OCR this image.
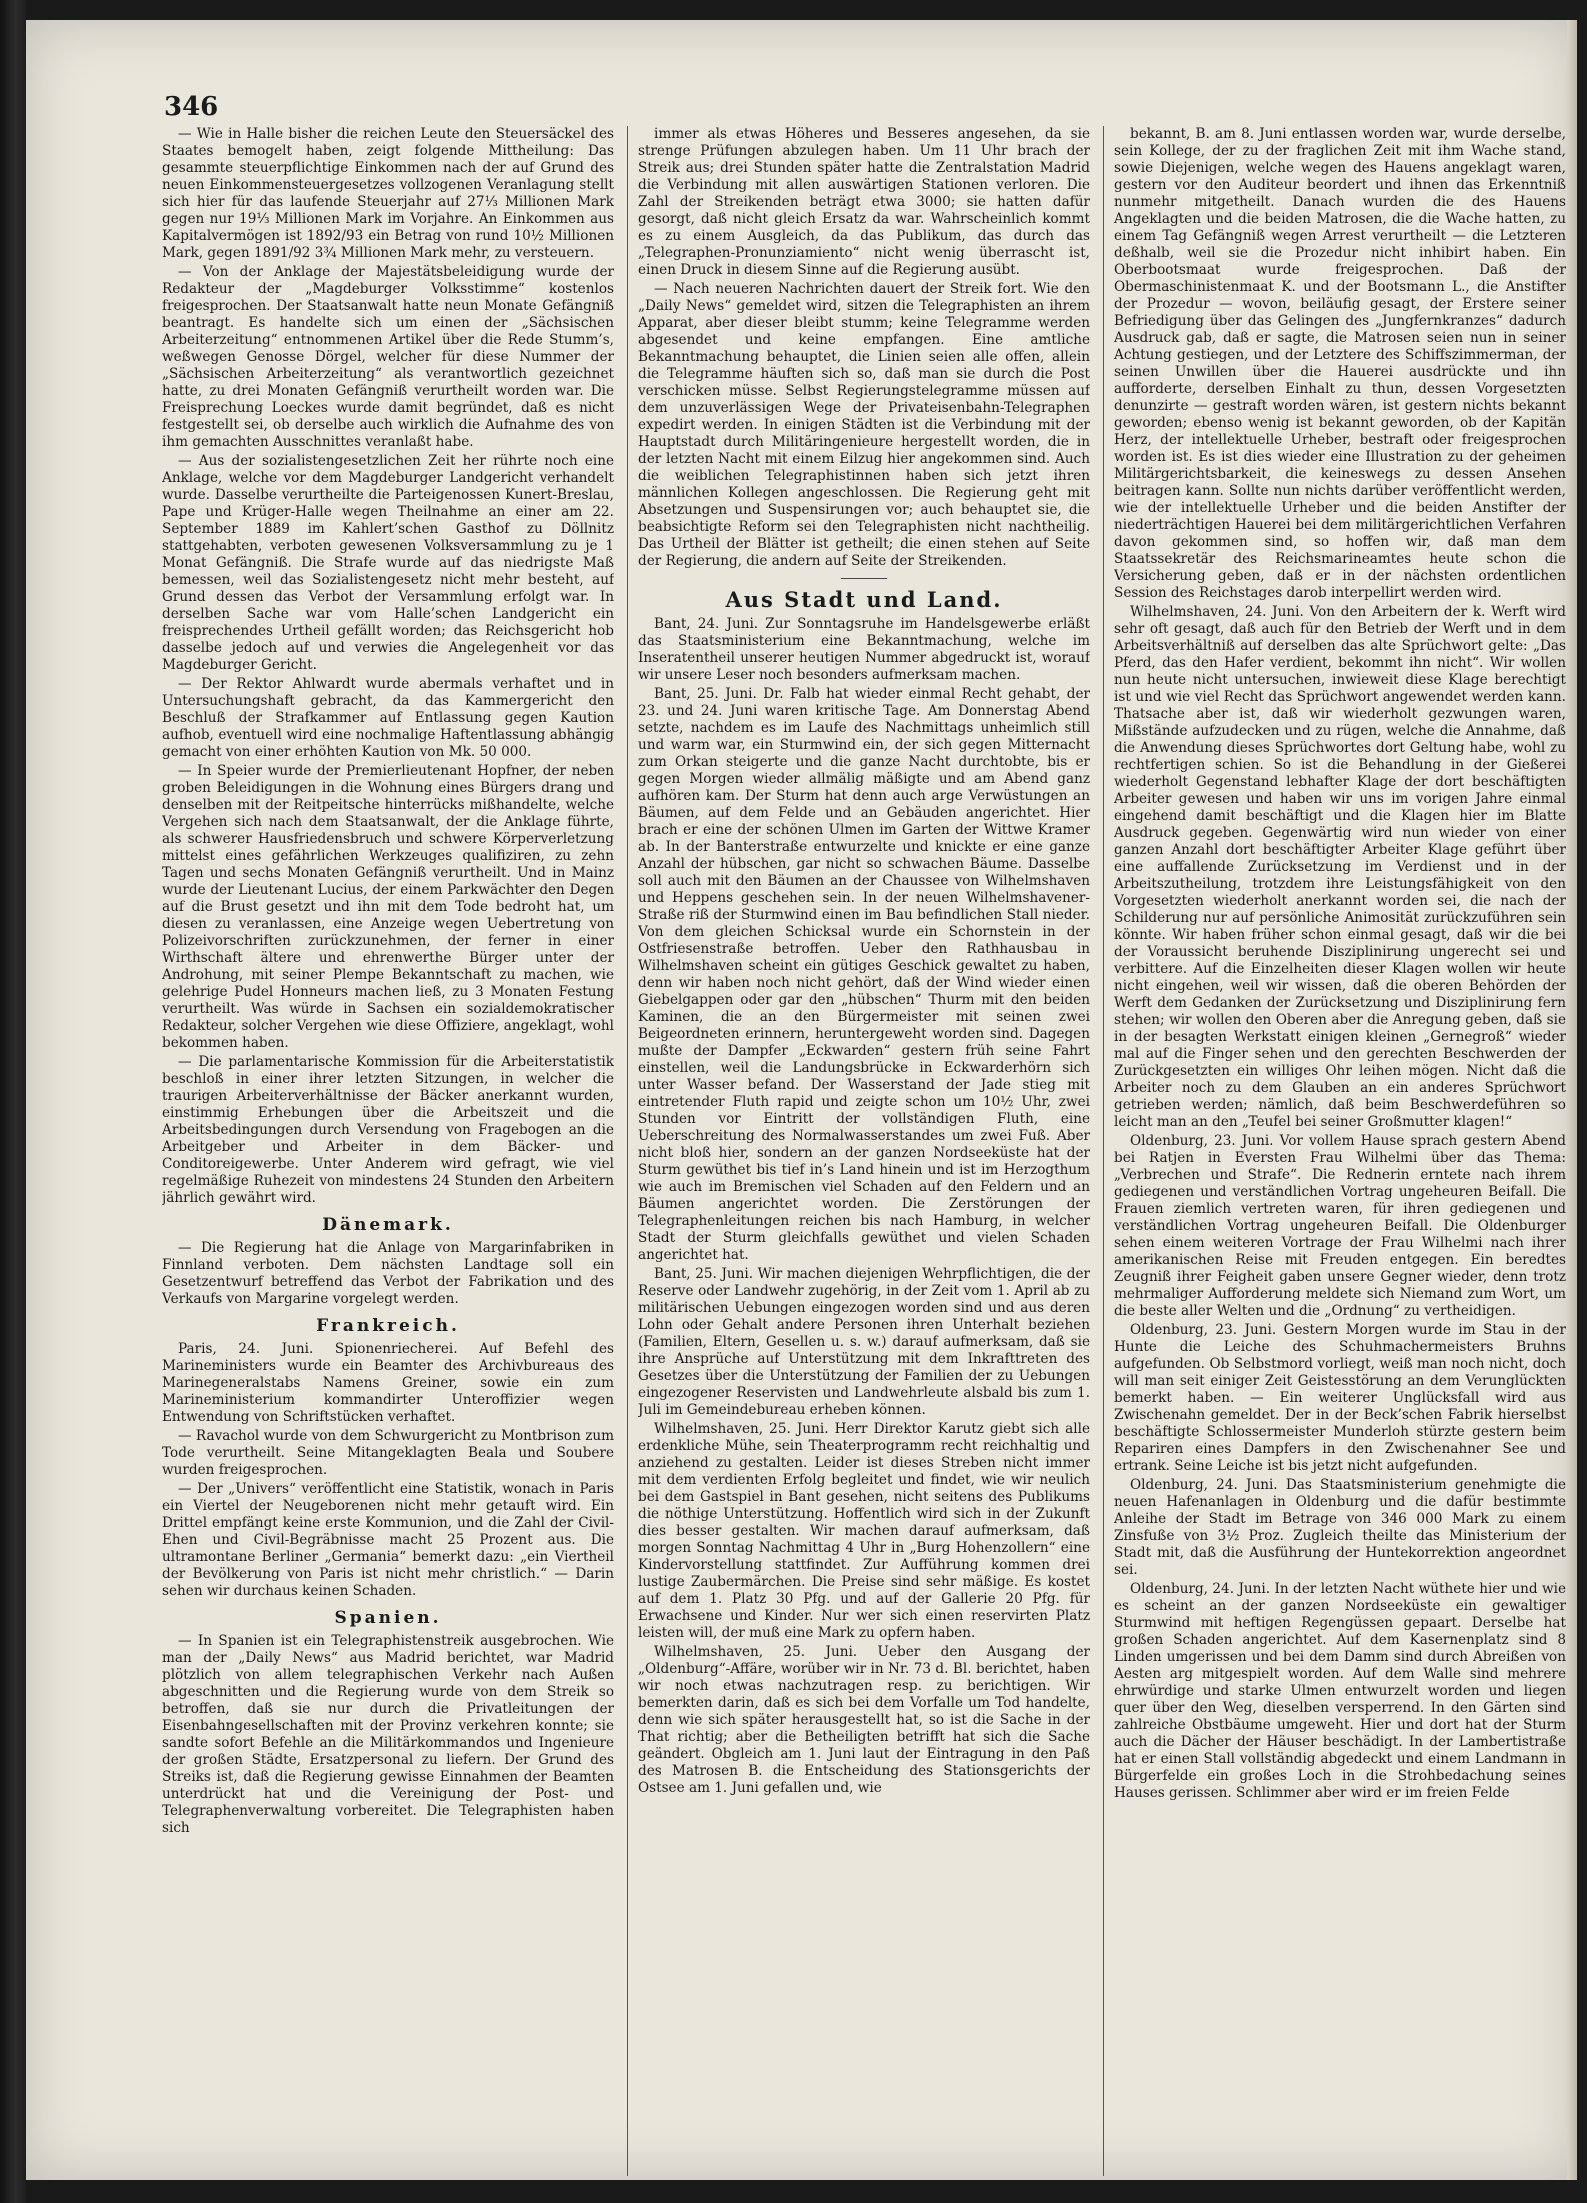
346

— Wie in Halle bisher die reichen Leute den Steuersäckel des Staates bemogelt haben, zeigt folgende Mittheilung: Das gesammte steuerpflichtige Einkommen nach der auf Grund des neuen Einkommensteuergesetzes vollzogenen Veranlagung stellt sich hier für das laufende Steuerjahr auf 27⅓ Millionen Mark gegen nur 19⅓ Millionen Mark im Vorjahre. An Einkommen aus Kapitalvermögen ist 1892/93 ein Betrag von rund 10½ Millionen Mark, gegen 1891/92 3¾ Millionen Mark mehr, zu versteuern.

— Von der Anklage der Majestätsbeleidigung wurde der Redakteur der „Magdeburger Volksstimme“ kostenlos freigesprochen. Der Staatsanwalt hatte neun Monate Gefängniß beantragt. Es handelte sich um einen der „Sächsischen Arbeiterzeitung“ entnommenen Artikel über die Rede Stumm’s, weßwegen Genosse Dörgel, welcher für diese Nummer der „Sächsischen Arbeiterzeitung“ als verantwortlich gezeichnet hatte, zu drei Monaten Gefängniß verurtheilt worden war. Die Freisprechung Loeckes wurde damit begründet, daß es nicht festgestellt sei, ob derselbe auch wirklich die Aufnahme des von ihm gemachten Ausschnittes veranlaßt habe.

— Aus der sozialistengesetzlichen Zeit her rührte noch eine Anklage, welche vor dem Magdeburger Landgericht verhandelt wurde. Dasselbe verurtheilte die Parteigenossen Kunert-Breslau, Pape und Krüger-Halle wegen Theilnahme an einer am 22. September 1889 im Kahlert’schen Gasthof zu Döllnitz stattgehabten, verboten gewesenen Volksversammlung zu je 1 Monat Gefängniß. Die Strafe wurde auf das niedrigste Maß bemessen, weil das Sozialistengesetz nicht mehr besteht, auf Grund dessen das Verbot der Versammlung erfolgt war. In derselben Sache war vom Halle’schen Landgericht ein freisprechendes Urtheil gefällt worden; das Reichsgericht hob dasselbe jedoch auf und verwies die Angelegenheit vor das Magdeburger Gericht.

— Der Rektor Ahlwardt wurde abermals verhaftet und in Untersuchungshaft gebracht, da das Kammergericht den Beschluß der Strafkammer auf Entlassung gegen Kaution aufhob, eventuell wird eine nochmalige Haftentlassung abhängig gemacht von einer erhöhten Kaution von Mk. 50 000.

— In Speier wurde der Premierlieutenant Hopfner, der neben groben Beleidigungen in die Wohnung eines Bürgers drang und denselben mit der Reitpeitsche hinterrücks mißhandelte, welche Vergehen sich nach dem Staatsanwalt, der die Anklage führte, als schwerer Hausfriedensbruch und schwere Körperverletzung mittelst eines gefährlichen Werkzeuges qualifiziren, zu zehn Tagen und sechs Monaten Gefängniß verurtheilt. Und in Mainz wurde der Lieutenant Lucius, der einem Parkwächter den Degen auf die Brust gesetzt und ihn mit dem Tode bedroht hat, um diesen zu veranlassen, eine Anzeige wegen Uebertretung von Polizeivorschriften zurückzunehmen, der ferner in einer Wirthschaft ältere und ehrenwerthe Bürger unter der Androhung, mit seiner Plempe Bekanntschaft zu machen, wie gelehrige Pudel Honneurs machen ließ, zu 3 Monaten Festung verurtheilt. Was würde in Sachsen ein sozialdemokratischer Redakteur, solcher Vergehen wie diese Offiziere, angeklagt, wohl bekommen haben.

— Die parlamentarische Kommission für die Arbeiterstatistik beschloß in einer ihrer letzten Sitzungen, in welcher die traurigen Arbeiterverhältnisse der Bäcker anerkannt wurden, einstimmig Erhebungen über die Arbeitszeit und die Arbeitsbedingungen durch Versendung von Fragebogen an die Arbeitgeber und Arbeiter in dem Bäcker- und Conditoreigewerbe. Unter Anderem wird gefragt, wie viel regelmäßige Ruhezeit von mindestens 24 Stunden den Arbeitern jährlich gewährt wird.

Dänemark.

— Die Regierung hat die Anlage von Margarinfabriken in Finnland verboten. Dem nächsten Landtage soll ein Gesetzentwurf betreffend das Verbot der Fabrikation und des Verkaufs von Margarine vorgelegt werden.

Frankreich.

Paris, 24. Juni. Spionenriecherei. Auf Befehl des Marineministers wurde ein Beamter des Archivbureaus des Marinegeneralstabs Namens Greiner, sowie ein zum Marineministerium kommandirter Unteroffizier wegen Entwendung von Schriftstücken verhaftet.

— Ravachol wurde von dem Schwurgericht zu Montbrison zum Tode verurtheilt. Seine Mitangeklagten Beala und Soubere wurden freigesprochen.

— Der „Univers“ veröffentlicht eine Statistik, wonach in Paris ein Viertel der Neugeborenen nicht mehr getauft wird. Ein Drittel empfängt keine erste Kommunion, und die Zahl der Civil-Ehen und Civil-Begräbnisse macht 25 Prozent aus. Die ultramontane Berliner „Germania“ bemerkt dazu: „ein Viertheil der Bevölkerung von Paris ist nicht mehr christlich.“ — Darin sehen wir durchaus keinen Schaden.

Spanien.

— In Spanien ist ein Telegraphistenstreik ausgebrochen. Wie man der „Daily News“ aus Madrid berichtet, war Madrid plötzlich von allem telegraphischen Verkehr nach Außen abgeschnitten und die Regierung wurde von dem Streik so betroffen, daß sie nur durch die Privatleitungen der Eisenbahngesellschaften mit der Provinz verkehren konnte; sie sandte sofort Befehle an die Militärkommandos und Ingenieure der großen Städte, Ersatzpersonal zu liefern. Der Grund des Streiks ist, daß die Regierung gewisse Einnahmen der Beamten unterdrückt hat und die Vereinigung der Post- und Telegraphenverwaltung vorbereitet. Die Telegraphisten haben sich

immer als etwas Höheres und Besseres angesehen, da sie strenge Prüfungen abzulegen haben. Um 11 Uhr brach der Streik aus; drei Stunden später hatte die Zentralstation Madrid die Verbindung mit allen auswärtigen Stationen verloren. Die Zahl der Streikenden beträgt etwa 3000; sie hatten dafür gesorgt, daß nicht gleich Ersatz da war. Wahrscheinlich kommt es zu einem Ausgleich, da das Publikum, das durch das „Telegraphen-Pronunziamiento“ nicht wenig überrascht ist, einen Druck in diesem Sinne auf die Regierung ausübt.

— Nach neueren Nachrichten dauert der Streik fort. Wie den „Daily News“ gemeldet wird, sitzen die Telegraphisten an ihrem Apparat, aber dieser bleibt stumm; keine Telegramme werden abgesendet und keine empfangen. Eine amtliche Bekanntmachung behauptet, die Linien seien alle offen, allein die Telegramme häuften sich so, daß man sie durch die Post verschicken müsse. Selbst Regierungstelegramme müssen auf dem unzuverlässigen Wege der Privateisenbahn-Telegraphen expedirt werden. In einigen Städten ist die Verbindung mit der Hauptstadt durch Militäringenieure hergestellt worden, die in der letzten Nacht mit einem Eilzug hier angekommen sind. Auch die weiblichen Telegraphistinnen haben sich jetzt ihren männlichen Kollegen angeschlossen. Die Regierung geht mit Absetzungen und Suspensirungen vor; auch behauptet sie, die beabsichtigte Reform sei den Telegraphisten nicht nachtheilig. Das Urtheil der Blätter ist getheilt; die einen stehen auf Seite der Regierung, die andern auf Seite der Streikenden.

Aus Stadt und Land.

Bant, 24. Juni. Zur Sonntagsruhe im Handelsgewerbe erläßt das Staatsministerium eine Bekanntmachung, welche im Inseratentheil unserer heutigen Nummer abgedruckt ist, worauf wir unsere Leser noch besonders aufmerksam machen.

Bant, 25. Juni. Dr. Falb hat wieder einmal Recht gehabt, der 23. und 24. Juni waren kritische Tage. Am Donnerstag Abend setzte, nachdem es im Laufe des Nachmittags unheimlich still und warm war, ein Sturmwind ein, der sich gegen Mitternacht zum Orkan steigerte und die ganze Nacht durchtobte, bis er gegen Morgen wieder allmälig mäßigte und am Abend ganz aufhören kam. Der Sturm hat denn auch arge Verwüstungen an Bäumen, auf dem Felde und an Gebäuden angerichtet. Hier brach er eine der schönen Ulmen im Garten der Wittwe Kramer ab. In der Banterstraße entwurzelte und knickte er eine ganze Anzahl der hübschen, gar nicht so schwachen Bäume. Dasselbe soll auch mit den Bäumen an der Chaussee von Wilhelmshaven und Heppens geschehen sein. In der neuen Wilhelmshavener-Straße riß der Sturmwind einen im Bau befindlichen Stall nieder. Von dem gleichen Schicksal wurde ein Schornstein in der Ostfriesenstraße betroffen. Ueber den Rathhausbau in Wilhelmshaven scheint ein gütiges Geschick gewaltet zu haben, denn wir haben noch nicht gehört, daß der Wind wieder einen Giebelgappen oder gar den „hübschen“ Thurm mit den beiden Kaminen, die an den Bürgermeister mit seinen zwei Beigeordneten erinnern, heruntergeweht worden sind. Dagegen mußte der Dampfer „Eckwarden“ gestern früh seine Fahrt einstellen, weil die Landungsbrücke in Eckwarderhörn sich unter Wasser befand. Der Wasserstand der Jade stieg mit eintretender Fluth rapid und zeigte schon um 10½ Uhr, zwei Stunden vor Eintritt der vollständigen Fluth, eine Ueberschreitung des Normalwasserstandes um zwei Fuß. Aber nicht bloß hier, sondern an der ganzen Nordseeküste hat der Sturm gewüthet bis tief in’s Land hinein und ist im Herzogthum wie auch im Bremischen viel Schaden auf den Feldern und an Bäumen angerichtet worden. Die Zerstörungen der Telegraphenleitungen reichen bis nach Hamburg, in welcher Stadt der Sturm gleichfalls gewüthet und vielen Schaden angerichtet hat.

Bant, 25. Juni. Wir machen diejenigen Wehrpflichtigen, die der Reserve oder Landwehr zugehörig, in der Zeit vom 1. April ab zu militärischen Uebungen eingezogen worden sind und aus deren Lohn oder Gehalt andere Personen ihren Unterhalt beziehen (Familien, Eltern, Gesellen u. s. w.) darauf aufmerksam, daß sie ihre Ansprüche auf Unterstützung mit dem Inkrafttreten des Gesetzes über die Unterstützung der Familien der zu Uebungen eingezogener Reservisten und Landwehrleute alsbald bis zum 1. Juli im Gemeindebureau erheben können.

Wilhelmshaven, 25. Juni. Herr Direktor Karutz giebt sich alle erdenkliche Mühe, sein Theaterprogramm recht reichhaltig und anziehend zu gestalten. Leider ist dieses Streben nicht immer mit dem verdienten Erfolg begleitet und findet, wie wir neulich bei dem Gastspiel in Bant gesehen, nicht seitens des Publikums die nöthige Unterstützung. Hoffentlich wird sich in der Zukunft dies besser gestalten. Wir machen darauf aufmerksam, daß morgen Sonntag Nachmittag 4 Uhr in „Burg Hohenzollern“ eine Kindervorstellung stattfindet. Zur Aufführung kommen drei lustige Zaubermärchen. Die Preise sind sehr mäßige. Es kostet auf dem 1. Platz 30 Pfg. und auf der Gallerie 20 Pfg. für Erwachsene und Kinder. Nur wer sich einen reservirten Platz leisten will, der muß eine Mark zu opfern haben.

Wilhelmshaven, 25. Juni. Ueber den Ausgang der „Oldenburg“-Affäre, worüber wir in Nr. 73 d. Bl. berichtet, haben wir noch etwas nachzutragen resp. zu berichtigen. Wir bemerkten darin, daß es sich bei dem Vorfalle um Tod handelte, denn wie sich später herausgestellt hat, so ist die Sache in der That richtig; aber die Betheiligten betrifft hat sich die Sache geändert. Obgleich am 1. Juni laut der Eintragung in den Paß des Matrosen B. die Entscheidung des Stationsgerichts der Ostsee am 1. Juni gefallen und, wie

bekannt, B. am 8. Juni entlassen worden war, wurde derselbe, sein Kollege, der zu der fraglichen Zeit mit ihm Wache stand, sowie Diejenigen, welche wegen des Hauens angeklagt waren, gestern vor den Auditeur beordert und ihnen das Erkenntniß nunmehr mitgetheilt. Danach wurden die des Hauens Angeklagten und die beiden Matrosen, die die Wache hatten, zu einem Tag Gefängniß wegen Arrest verurtheilt — die Letzteren deßhalb, weil sie die Prozedur nicht inhibirt haben. Ein Oberbootsmaat wurde freigesprochen. Daß der Obermaschinistenmaat K. und der Bootsmann L., die Anstifter der Prozedur — wovon, beiläufig gesagt, der Erstere seiner Befriedigung über das Gelingen des „Jungfernkranzes“ dadurch Ausdruck gab, daß er sagte, die Matrosen seien nun in seiner Achtung gestiegen, und der Letztere des Schiffszimmerman, der seinen Unwillen über die Hauerei ausdrückte und ihn aufforderte, derselben Einhalt zu thun, dessen Vorgesetzten denunzirte — gestraft worden wären, ist gestern nichts bekannt geworden; ebenso wenig ist bekannt geworden, ob der Kapitän Herz, der intellektuelle Urheber, bestraft oder freigesprochen worden ist. Es ist dies wieder eine Illustration zu der geheimen Militärgerichtsbarkeit, die keineswegs zu dessen Ansehen beitragen kann. Sollte nun nichts darüber veröffentlicht werden, wie der intellektuelle Urheber und die beiden Anstifter der niederträchtigen Hauerei bei dem militärgerichtlichen Verfahren davon gekommen sind, so hoffen wir, daß man dem Staatssekretär des Reichsmarineamtes heute schon die Versicherung geben, daß er in der nächsten ordentlichen Session des Reichstages darob interpellirt werden wird.

Wilhelmshaven, 24. Juni. Von den Arbeitern der k. Werft wird sehr oft gesagt, daß auch für den Betrieb der Werft und in dem Arbeitsverhältniß auf derselben das alte Sprüchwort gelte: „Das Pferd, das den Hafer verdient, bekommt ihn nicht“. Wir wollen nun heute nicht untersuchen, inwieweit diese Klage berechtigt ist und wie viel Recht das Sprüchwort angewendet werden kann. Thatsache aber ist, daß wir wiederholt gezwungen waren, Mißstände aufzudecken und zu rügen, welche die Annahme, daß die Anwendung dieses Sprüchwortes dort Geltung habe, wohl zu rechtfertigen schien. So ist die Behandlung in der Gießerei wiederholt Gegenstand lebhafter Klage der dort beschäftigten Arbeiter gewesen und haben wir uns im vorigen Jahre einmal eingehend damit beschäftigt und die Klagen hier im Blatte Ausdruck gegeben. Gegenwärtig wird nun wieder von einer ganzen Anzahl dort beschäftigter Arbeiter Klage geführt über eine auffallende Zurücksetzung im Verdienst und in der Arbeitszutheilung, trotzdem ihre Leistungsfähigkeit von den Vorgesetzten wiederholt anerkannt worden sei, die nach der Schilderung nur auf persönliche Animosität zurückzuführen sein könnte. Wir haben früher schon einmal gesagt, daß wir die bei der Voraussicht beruhende Disziplinirung ungerecht sei und verbittere. Auf die Einzelheiten dieser Klagen wollen wir heute nicht eingehen, weil wir wissen, daß die oberen Behörden der Werft dem Gedanken der Zurücksetzung und Disziplinirung fern stehen; wir wollen den Oberen aber die Anregung geben, daß sie in der besagten Werkstatt einigen kleinen „Gernegroß“ wieder mal auf die Finger sehen und den gerechten Beschwerden der Zurückgesetzten ein williges Ohr leihen mögen. Nicht daß die Arbeiter noch zu dem Glauben an ein anderes Sprüchwort getrieben werden; nämlich, daß beim Beschwerdeführen so leicht man an den „Teufel bei seiner Großmutter klagen!“

Oldenburg, 23. Juni. Vor vollem Hause sprach gestern Abend bei Ratjen in Eversten Frau Wilhelmi über das Thema: „Verbrechen und Strafe“. Die Rednerin erntete nach ihrem gediegenen und verständlichen Vortrag ungeheuren Beifall. Die Frauen ziemlich vertreten waren, für ihren gediegenen und verständlichen Vortrag ungeheuren Beifall. Die Oldenburger sehen einem weiteren Vortrage der Frau Wilhelmi nach ihrer amerikanischen Reise mit Freuden entgegen. Ein beredtes Zeugniß ihrer Feigheit gaben unsere Gegner wieder, denn trotz mehrmaliger Aufforderung meldete sich Niemand zum Wort, um die beste aller Welten und die „Ordnung“ zu vertheidigen.

Oldenburg, 23. Juni. Gestern Morgen wurde im Stau in der Hunte die Leiche des Schuhmachermeisters Bruhns aufgefunden. Ob Selbstmord vorliegt, weiß man noch nicht, doch will man seit einiger Zeit Geistesstörung an dem Verunglückten bemerkt haben. — Ein weiterer Unglücksfall wird aus Zwischenahn gemeldet. Der in der Beck’schen Fabrik hierselbst beschäftigte Schlossermeister Munderloh stürzte gestern beim Repariren eines Dampfers in den Zwischenahner See und ertrank. Seine Leiche ist bis jetzt nicht aufgefunden.

Oldenburg, 24. Juni. Das Staatsministerium genehmigte die neuen Hafenanlagen in Oldenburg und die dafür bestimmte Anleihe der Stadt im Betrage von 346 000 Mark zu einem Zinsfuße von 3½ Proz. Zugleich theilte das Ministerium der Stadt mit, daß die Ausführung der Huntekorrektion angeordnet sei.

Oldenburg, 24. Juni. In der letzten Nacht wüthete hier und wie es scheint an der ganzen Nordseeküste ein gewaltiger Sturmwind mit heftigen Regengüssen gepaart. Derselbe hat großen Schaden angerichtet. Auf dem Kasernenplatz sind 8 Linden umgerissen und bei dem Damm sind durch Abreißen von Aesten arg mitgespielt worden. Auf dem Walle sind mehrere ehrwürdige und starke Ulmen entwurzelt worden und liegen quer über den Weg, dieselben versperrend. In den Gärten sind zahlreiche Obstbäume umgeweht. Hier und dort hat der Sturm auch die Dächer der Häuser beschädigt. In der Lambertistraße hat er einen Stall vollständig abgedeckt und einem Landmann in Bürgerfelde ein großes Loch in die Strohbedachung seines Hauses gerissen. Schlimmer aber wird er im freien Felde
